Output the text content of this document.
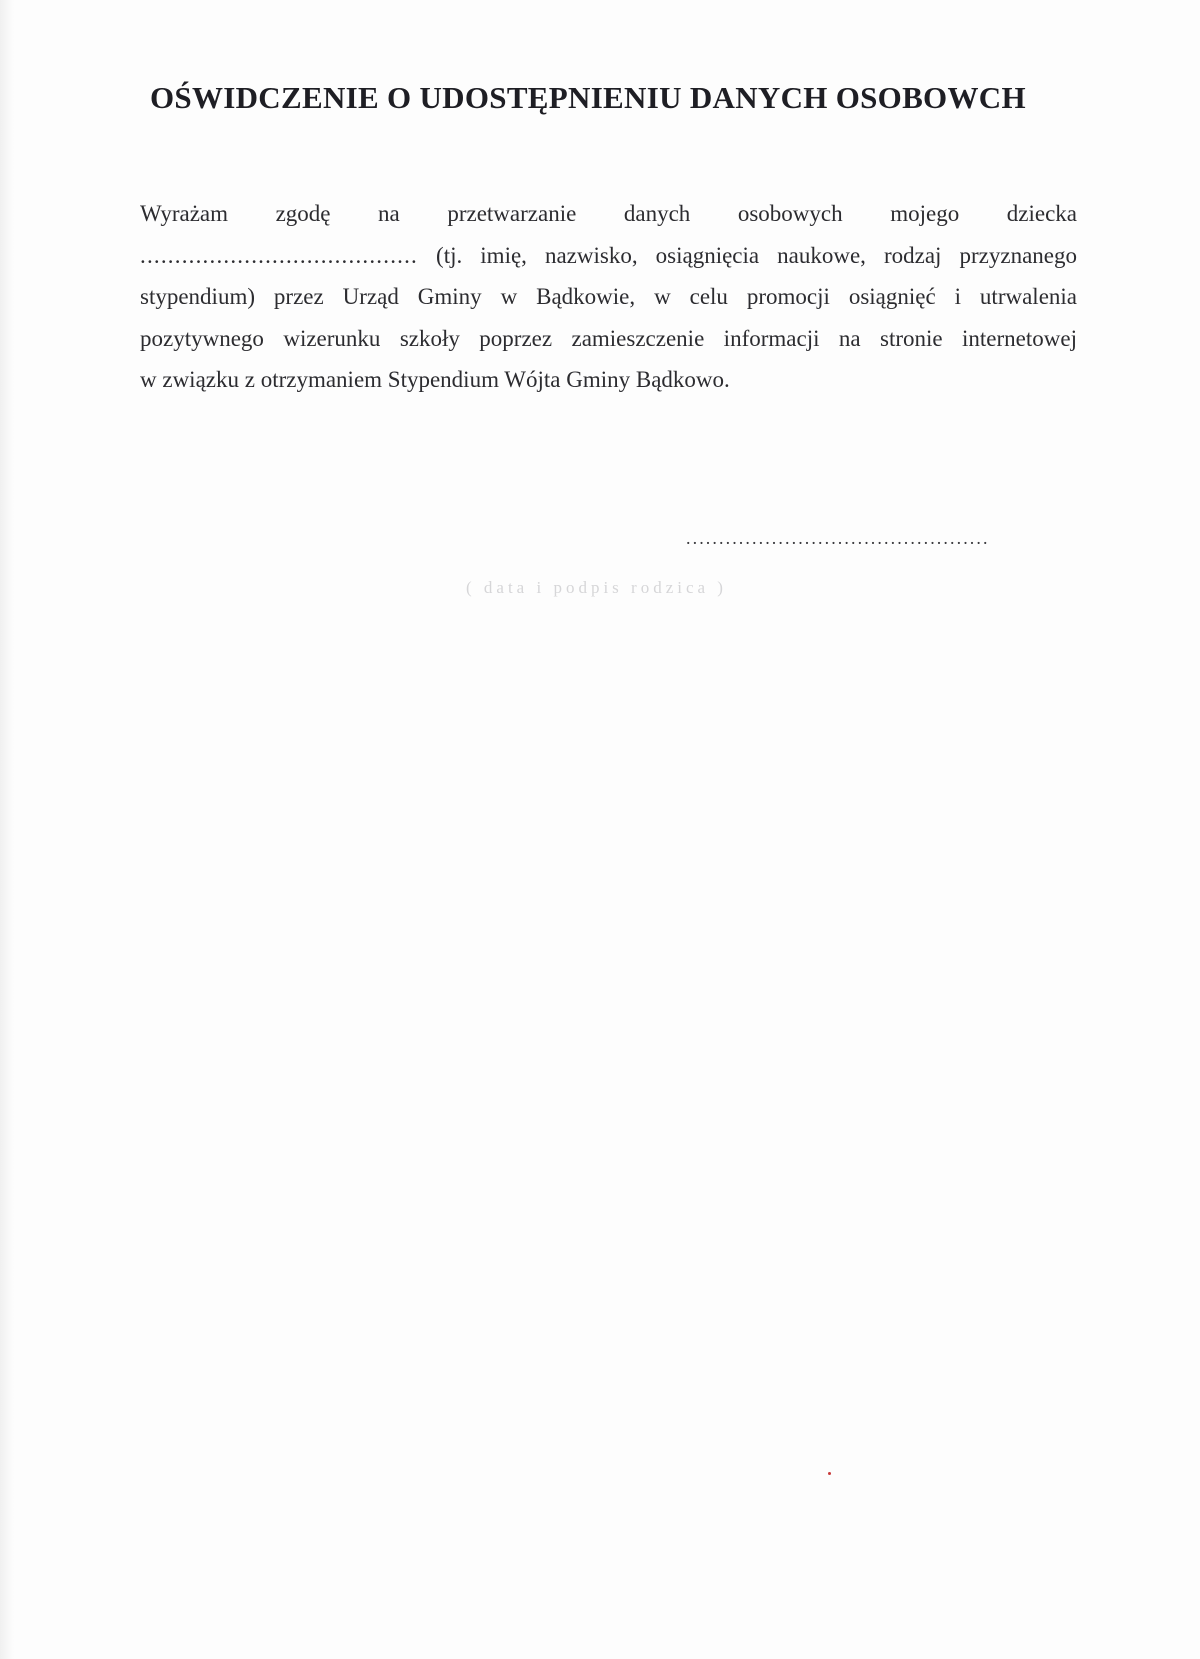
OŚWIDCZENIE O UDOSTĘPNIENIU DANYCH OSOBOWCH
Wyrażam zgodę na przetwarzanie danych osobowych mojego dziecka
........................................ (tj. imię, nazwisko, osiągnięcia naukowe, rodzaj przyznanego
stypendium) przez Urząd Gminy w Bądkowie, w celu promocji osiągnięć i utrwalenia
pozytywnego wizerunku szkoły poprzez zamieszczenie informacji na stronie internetowej
w związku z otrzymaniem Stypendium Wójta Gminy Bądkowo.
..............................................
( data i podpis rodzica )
